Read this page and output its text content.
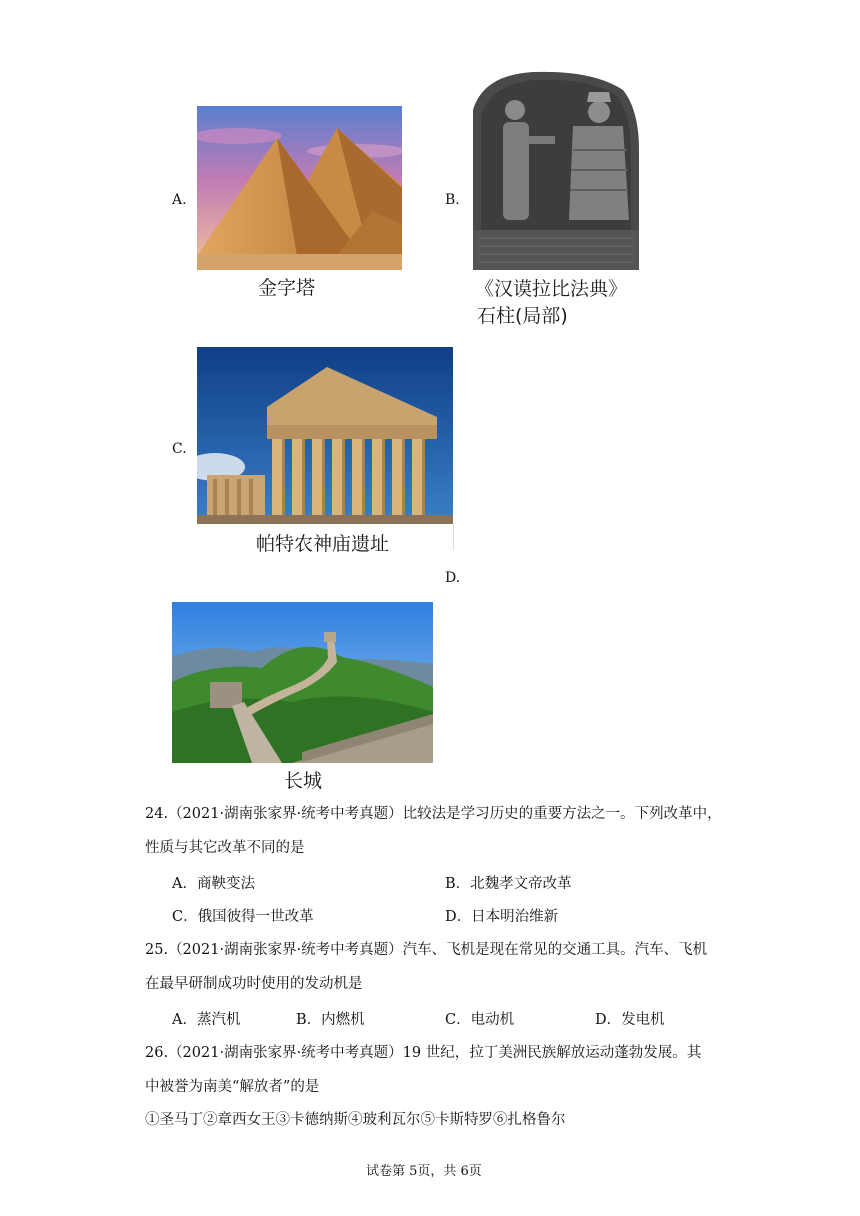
A.
金字塔
B.
《汉谟拉比法典》
石柱(局部)
C.
帕特农神庙遗址
D.
长城
24.（2021·湖南张家界·统考中考真题）比较法是学习历史的重要方法之一。下列改革中，
性质与其它改革不同的是
A．商鞅变法	B．北魏孝文帝改革
C．俄国彼得一世改革	D．日本明治维新
25.（2021·湖南张家界·统考中考真题）汽车、飞机是现在常见的交通工具。汽车、飞机
在最早研制成功时使用的发动机是
A．蒸汽机	B．内燃机	C．电动机	D．发电机
26.（2021·湖南张家界·统考中考真题）19 世纪，拉丁美洲民族解放运动蓬勃发展。其
中被誉为南美“解放者”的是
①圣马丁②章西女王③卡德纳斯④玻利瓦尔⑤卡斯特罗⑥扎格鲁尔
试卷第 5页，共 6页
